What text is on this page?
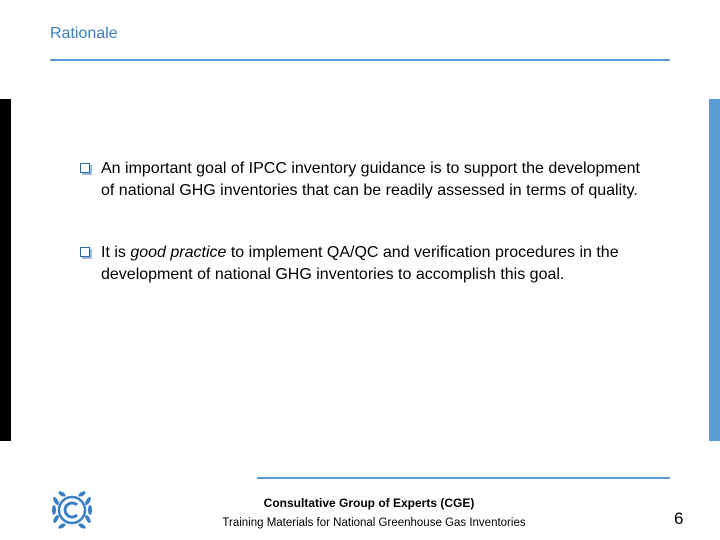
Rationale
An important goal of IPCC inventory guidance is to support the development of national GHG inventories that can be readily assessed in terms of quality.
It is good practice to implement QA/QC and verification procedures in the development of national GHG inventories to accomplish this goal.
Consultative Group of Experts (CGE)
Training Materials for National Greenhouse Gas Inventories	6
